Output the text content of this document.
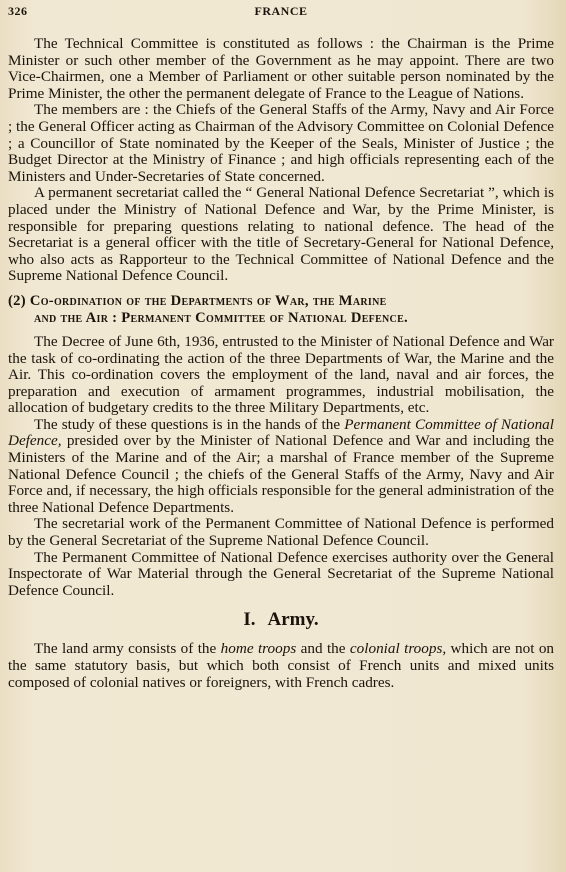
326	FRANCE

The Technical Committee is constituted as follows : the Chairman is the Prime Minister or such other member of the Government as he may appoint. There are two Vice-Chairmen, one a Member of Parliament or other suitable person nominated by the Prime Minister, the other the permanent delegate of France to the League of Nations.

The members are : the Chiefs of the General Staffs of the Army, Navy and Air Force ; the General Officer acting as Chairman of the Advisory Committee on Colonial Defence ; a Councillor of State nominated by the Keeper of the Seals, Minister of Justice ; the Budget Director at the Ministry of Finance ; and high officials representing each of the Ministers and Under-Secretaries of State concerned.

A permanent secretariat called the “ General National Defence Secretariat ”, which is placed under the Ministry of National Defence and War, by the Prime Minister, is responsible for preparing questions relating to national defence. The head of the Secretariat is a general officer with the title of Secretary-General for National Defence, who also acts as Rapporteur to the Technical Committee of National Defence and the Supreme National Defence Council.

(2) Co-ordination of the Departments of War, the Marine
and the Air : Permanent Committee of National Defence.

The Decree of June 6th, 1936, entrusted to the Minister of National Defence and War the task of co-ordinating the action of the three Departments of War, the Marine and the Air. This co-ordination covers the employment of the land, naval and air forces, the preparation and execution of armament programmes, industrial mobilisation, the allocation of budgetary credits to the three Military Departments, etc.

The study of these questions is in the hands of the Permanent Committee of National Defence, presided over by the Minister of National Defence and War and including the Ministers of the Marine and of the Air; a marshal of France member of the Supreme National Defence Council ; the chiefs of the General Staffs of the Army, Navy and Air Force and, if necessary, the high officials responsible for the general administration of the three National Defence Departments.

The secretarial work of the Permanent Committee of National Defence is performed by the General Secretariat of the Supreme National Defence Council.

The Permanent Committee of National Defence exercises authority over the General Inspectorate of War Material through the General Secretariat of the Supreme National Defence Council.

I. Army.

The land army consists of the home troops and the colonial troops, which are not on the same statutory basis, but which both consist of French units and mixed units composed of colonial natives or foreigners, with French cadres.
